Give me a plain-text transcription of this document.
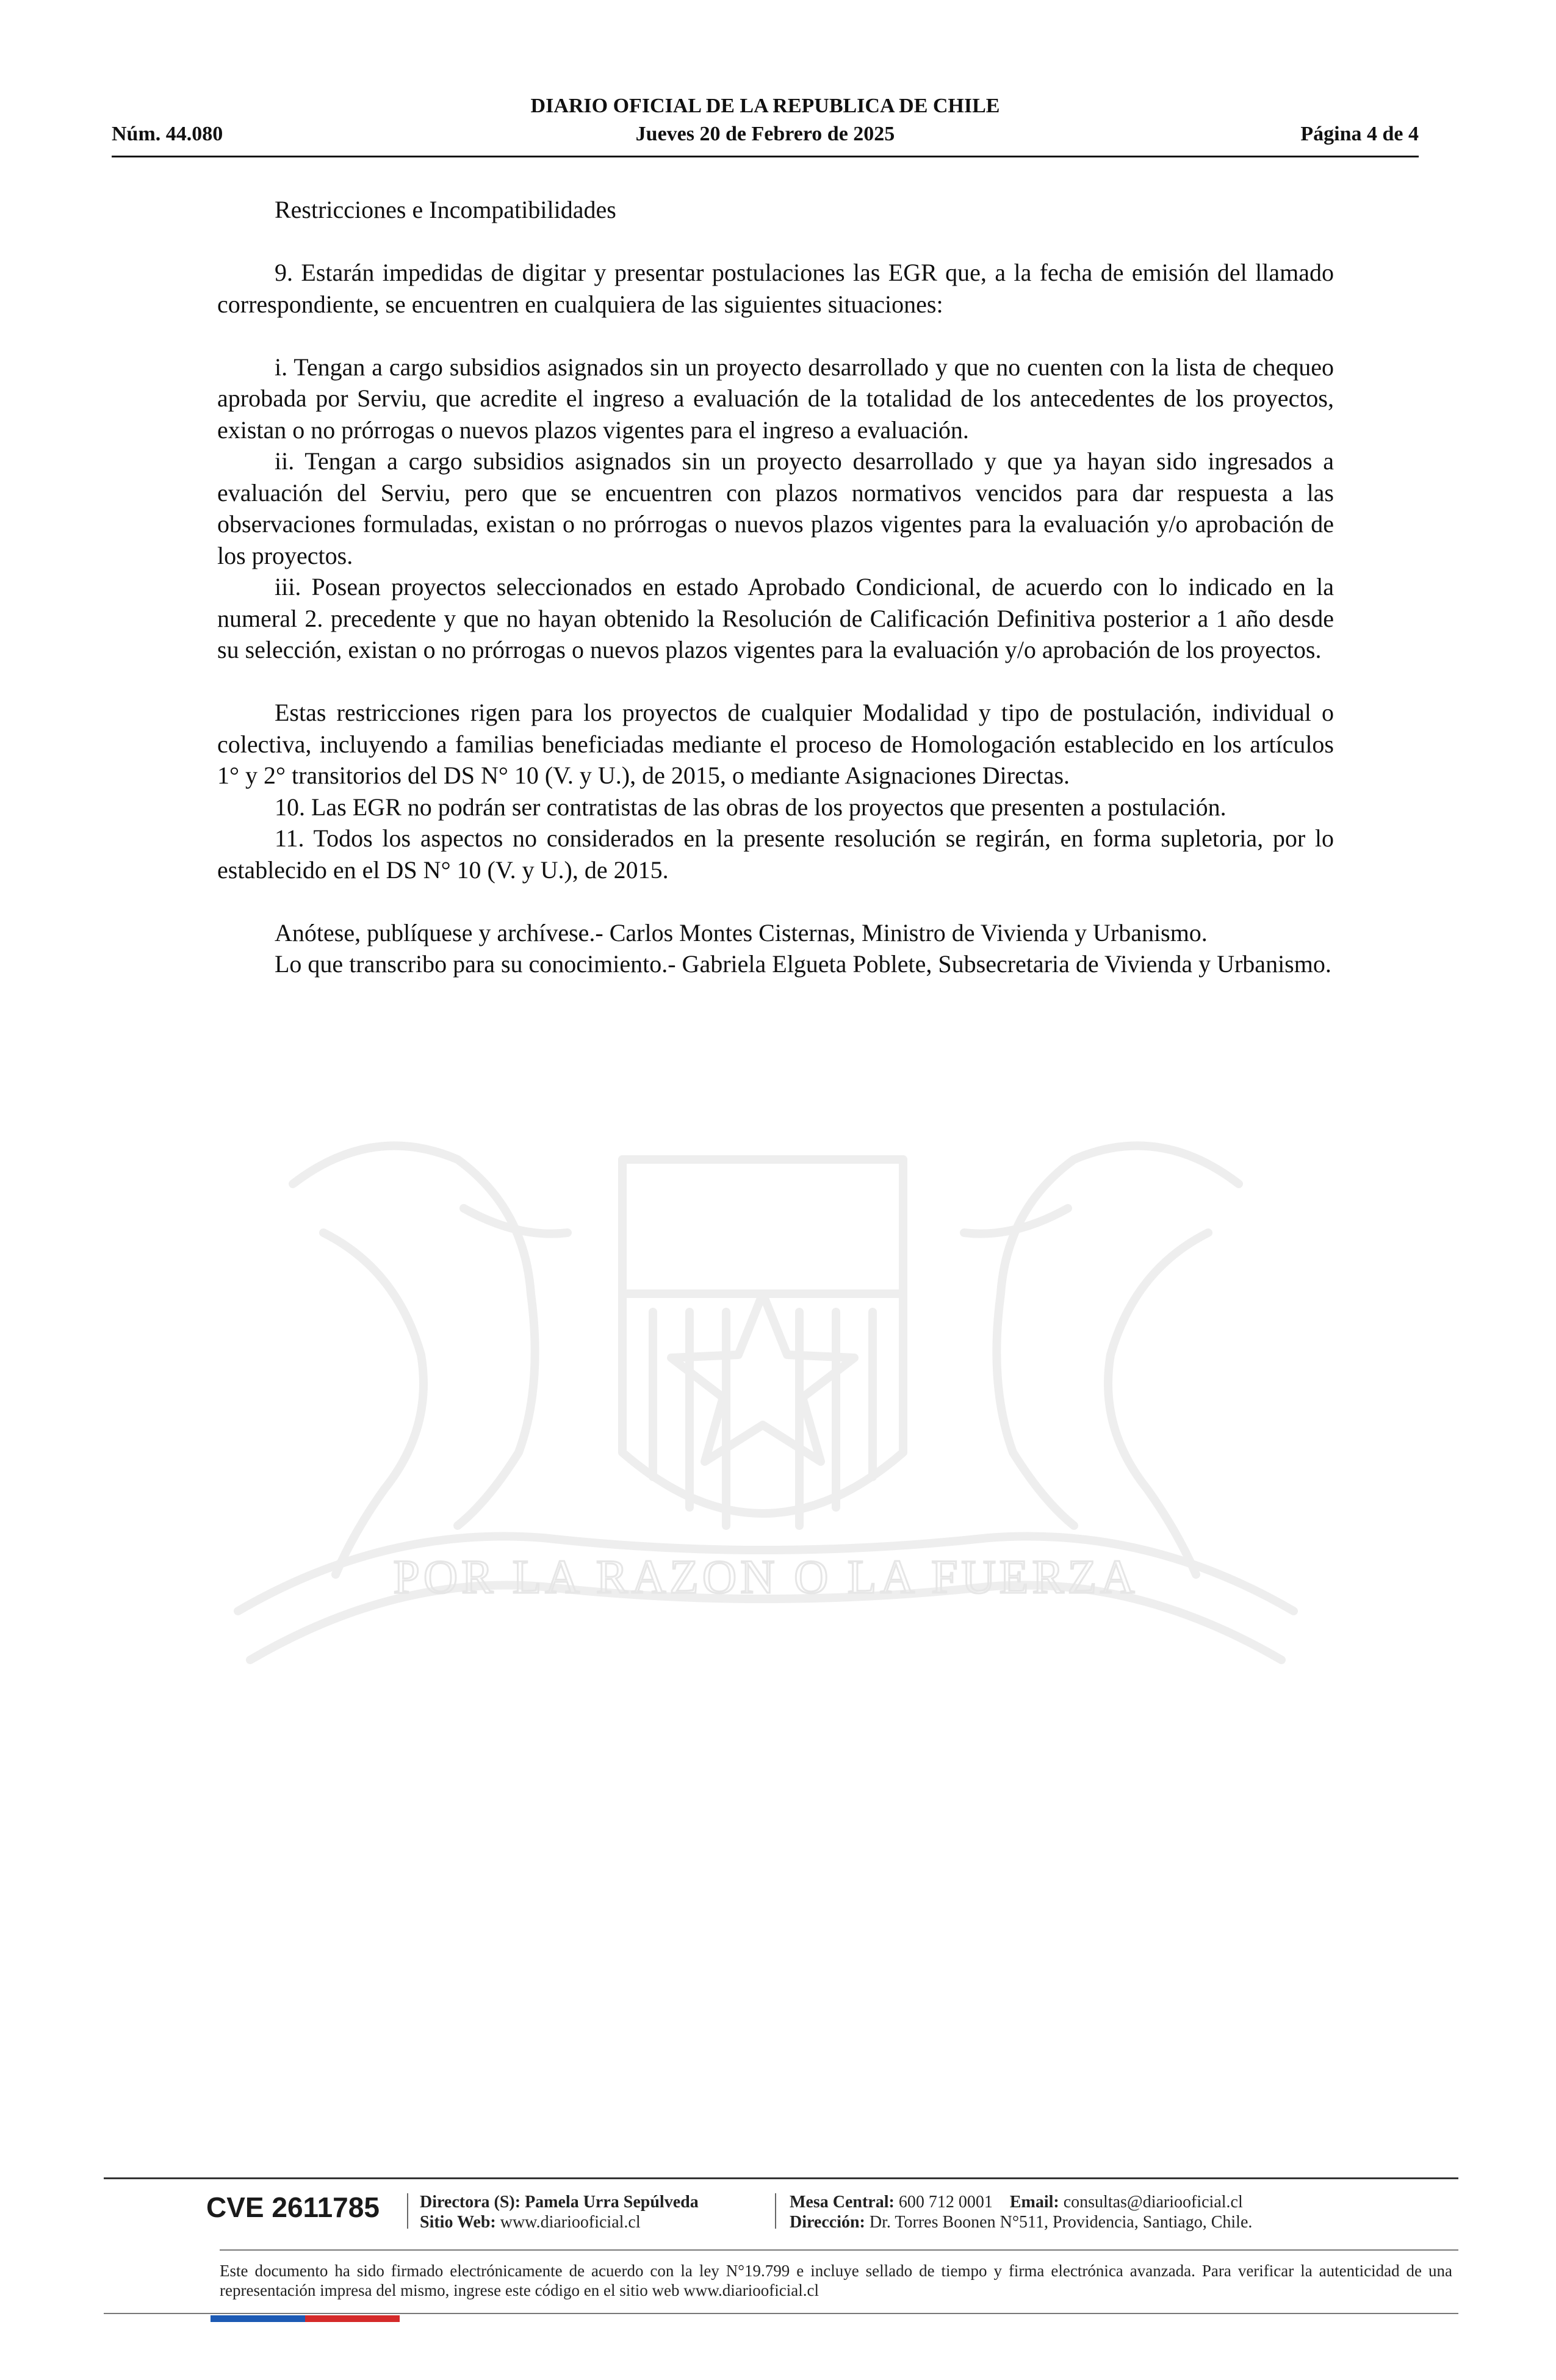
DIARIO OFICIAL DE LA REPUBLICA DE CHILE
Núm. 44.080	Jueves 20 de Febrero de 2025	Página 4 de 4
POR LA RAZON O LA FUERZA

Restricciones e Incompatibilidades

9. Estarán impedidas de digitar y presentar postulaciones las EGR que, a la fecha de emisión del llamado correspondiente, se encuentren en cualquiera de las siguientes situaciones:

i. Tengan a cargo subsidios asignados sin un proyecto desarrollado y que no cuenten con la lista de chequeo aprobada por Serviu, que acredite el ingreso a evaluación de la totalidad de los antecedentes de los proyectos, existan o no prórrogas o nuevos plazos vigentes para el ingreso a evaluación.

ii. Tengan a cargo subsidios asignados sin un proyecto desarrollado y que ya hayan sido ingresados a evaluación del Serviu, pero que se encuentren con plazos normativos vencidos para dar respuesta a las observaciones formuladas, existan o no prórrogas o nuevos plazos vigentes para la evaluación y/o aprobación de los proyectos.

iii. Posean proyectos seleccionados en estado Aprobado Condicional, de acuerdo con lo indicado en la numeral 2. precedente y que no hayan obtenido la Resolución de Calificación Definitiva posterior a 1 año desde su selección, existan o no prórrogas o nuevos plazos vigentes para la evaluación y/o aprobación de los proyectos.

Estas restricciones rigen para los proyectos de cualquier Modalidad y tipo de postulación, individual o colectiva, incluyendo a familias beneficiadas mediante el proceso de Homologación establecido en los artículos 1° y 2° transitorios del DS N° 10 (V. y U.), de 2015, o mediante Asignaciones Directas.

10. Las EGR no podrán ser contratistas de las obras de los proyectos que presenten a postulación.

11. Todos los aspectos no considerados en la presente resolución se regirán, en forma supletoria, por lo establecido en el DS N° 10 (V. y U.), de 2015.

Anótese, publíquese y archívese.- Carlos Montes Cisternas, Ministro de Vivienda y Urbanismo.

Lo que transcribo para su conocimiento.- Gabriela Elgueta Poblete, Subsecretaria de Vivienda y Urbanismo.

CVE 2611785 Directora (S): Pamela Urra Sepúlveda
Sitio Web: www.diariooficial.cl
Mesa Central: 600 712 0001 Email: consultas@diariooficial.cl
Dirección: Dr. Torres Boonen N°511, Providencia, Santiago, Chile.
Este documento ha sido firmado electrónicamente de acuerdo con la ley N°19.799 e incluye sellado de tiempo y firma electrónica avanzada. Para verificar la autenticidad de una representación impresa del mismo, ingrese este código en el sitio web www.diariooficial.cl
